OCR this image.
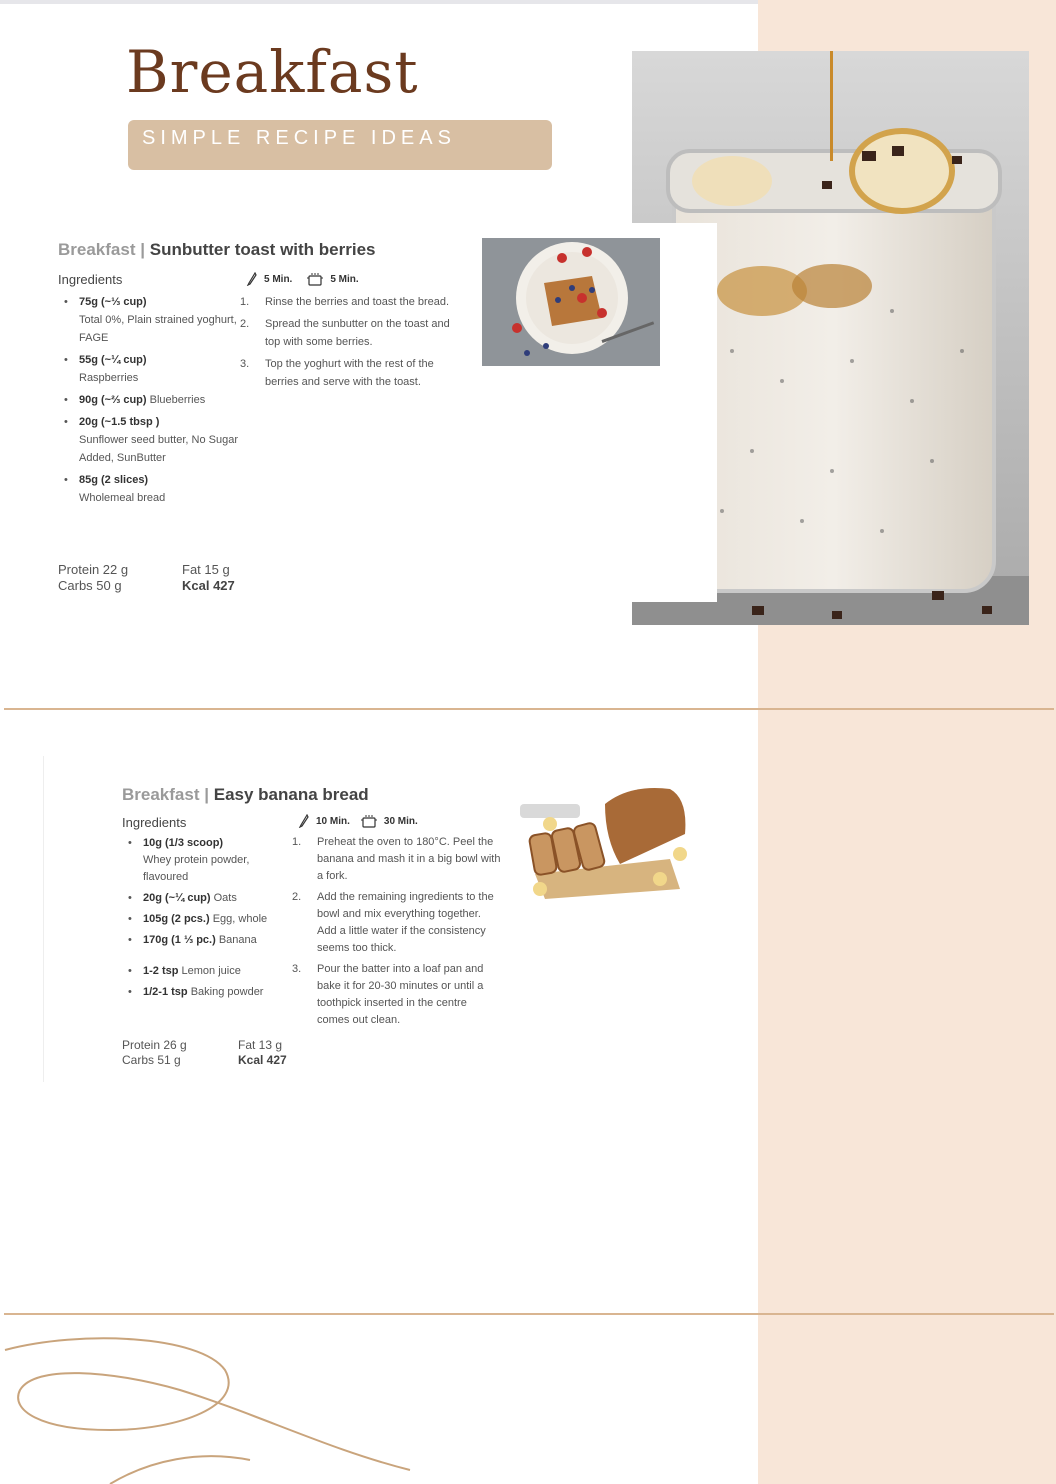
Breakfast
SIMPLE RECIPE IDEAS
Breakfast | Sunbutter toast with berries
Ingredients
• 75g (~⅓ cup)
Total 0%, Plain strained yoghurt, FAGE
• 55g (~¼ cup)
Raspberries
• 90g (~⅔ cup) Blueberries
• 20g (~1.5 tbsp )
Sunflower seed butter, No Sugar Added, SunButter
• 85g (2 slices)
Wholemeal bread
5 Min.	5 Min.
1. Rinse the berries and toast the bread.
2. Spread the sunbutter on the toast and top with some berries.
3. Top the yoghurt with the rest of the berries and serve with the toast.
Protein 22 g
Carbs 50 g
Fat 15 g
Kcal 427
Breakfast | Easy banana bread
Ingredients
• 10g (1/3 scoop)
Whey protein powder, flavoured
• 20g (~¼ cup) Oats
• 105g (2 pcs.) Egg, whole
• 170g (1 ⅓ pc.) Banana
• 1-2 tsp Lemon juice
• 1/2-1 tsp Baking powder
10 Min.	30 Min.
1. Preheat the oven to 180°C. Peel the banana and mash it in a big bowl with a fork.
2. Add the remaining ingredients to the bowl and mix everything together. Add a little water if the consistency seems too thick.
3. Pour the batter into a loaf pan and bake it for 20-30 minutes or until a toothpick inserted in the centre comes out clean.
Protein 26 g
Carbs 51 g
Fat 13 g
Kcal 427
